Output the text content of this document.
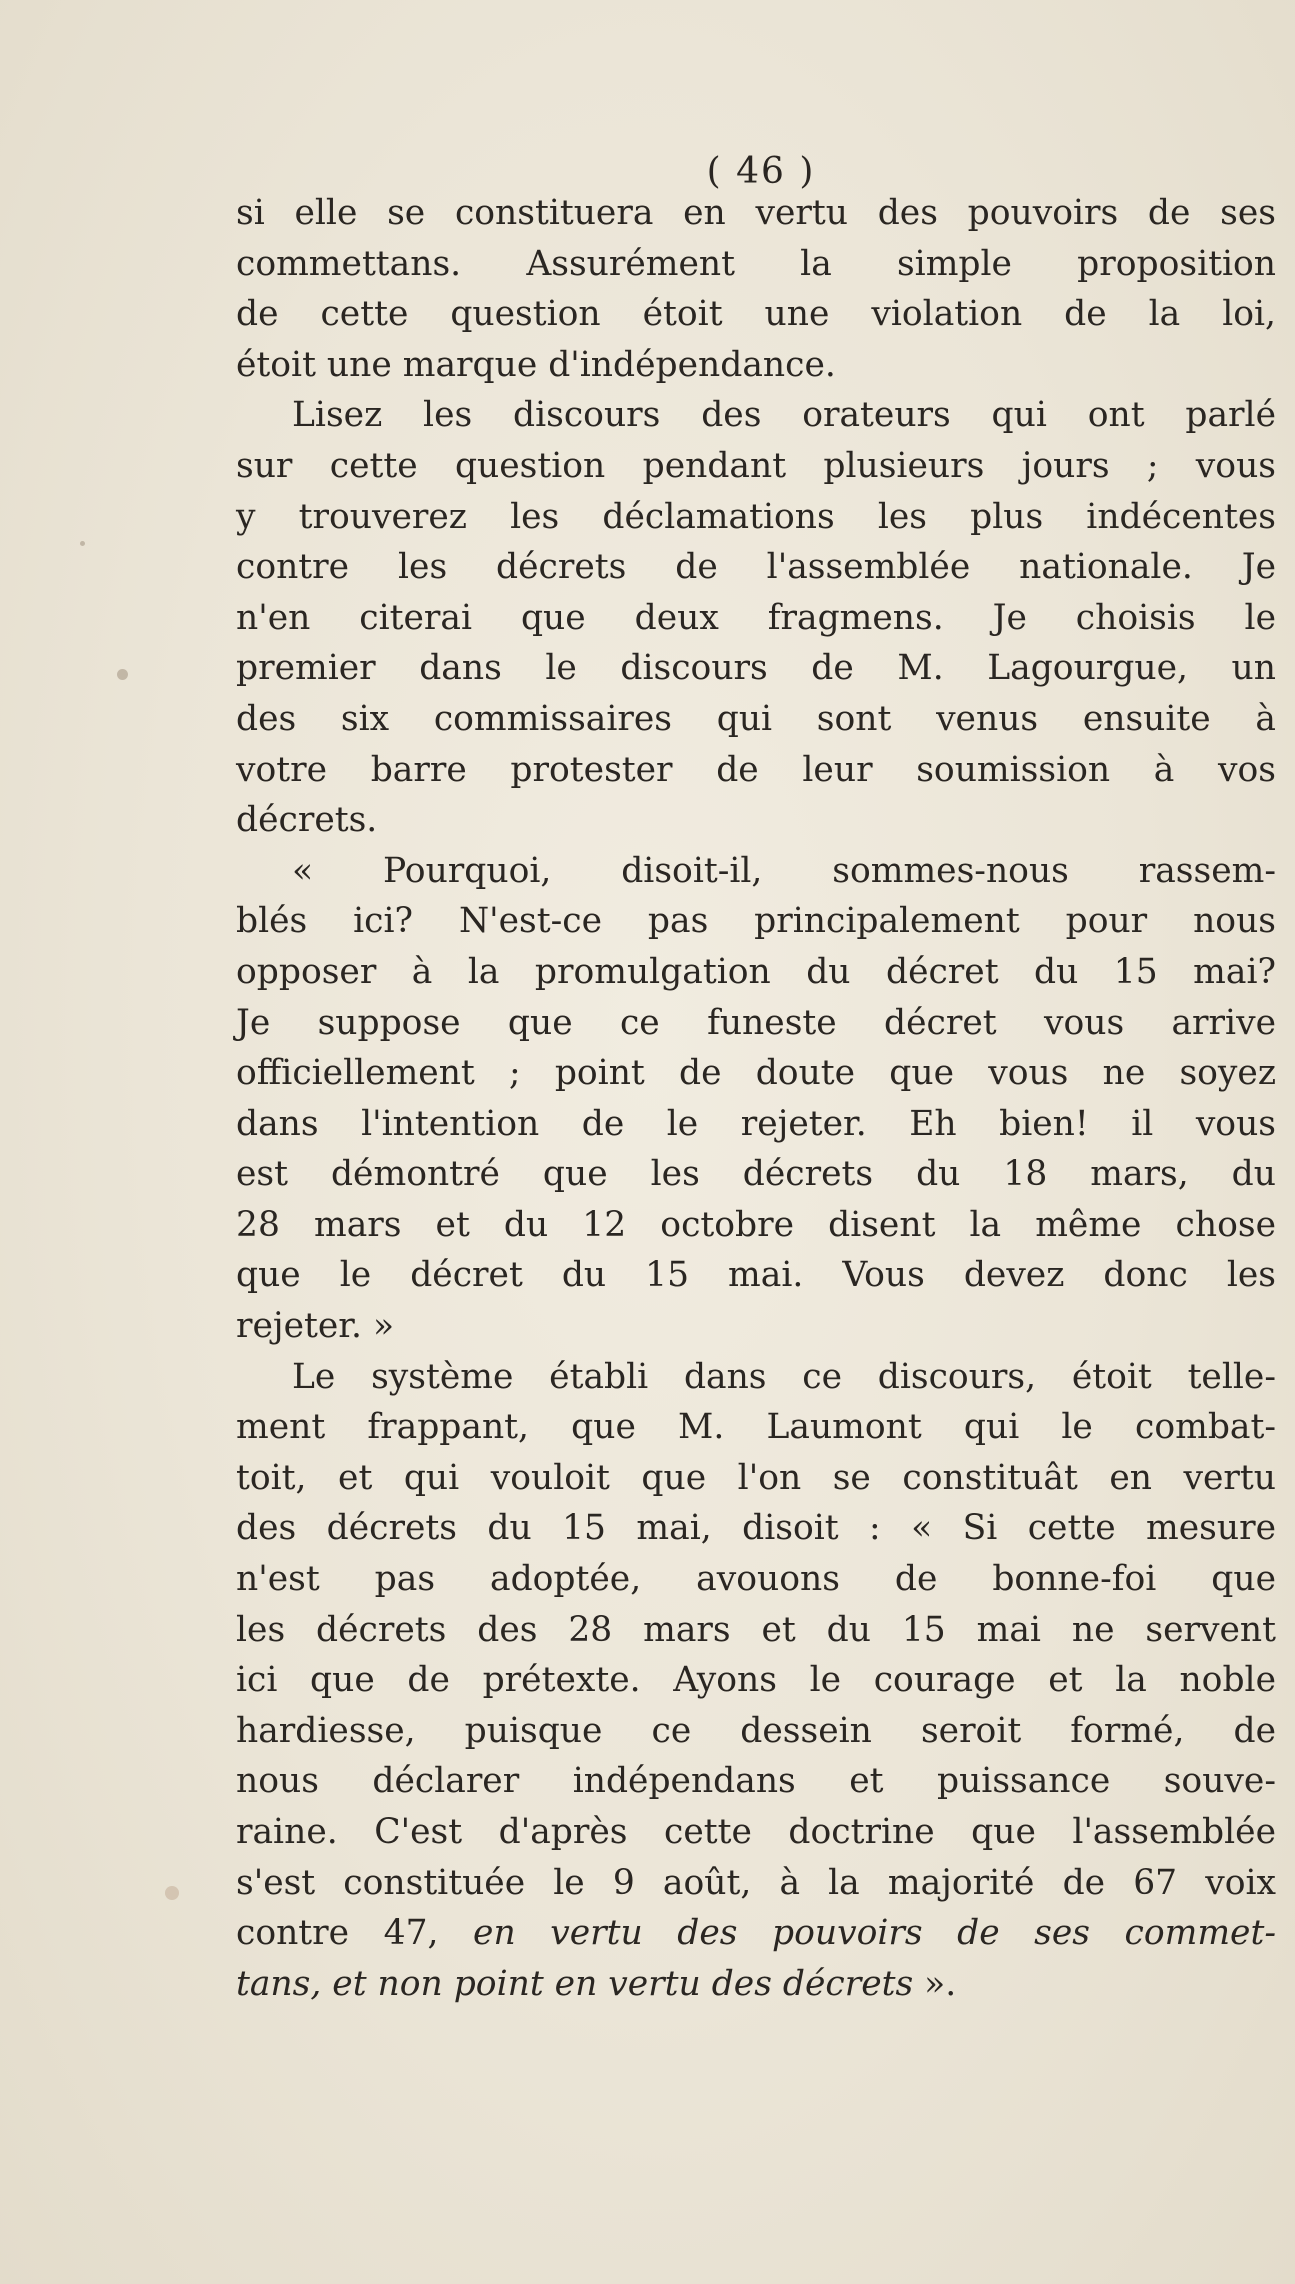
( 46 )
si elle se constituera en vertu des pouvoirs de ses
commettans. Assurément la simple proposition
de cette question étoit une violation de la loi,
étoit une marque d'indépendance.
Lisez les discours des orateurs qui ont parlé
sur cette question pendant plusieurs jours ; vous
y trouverez les déclamations les plus indécentes
contre les décrets de l'assemblée nationale. Je
n'en citerai que deux fragmens. Je choisis le
premier dans le discours de M. Lagourgue, un
des six commissaires qui sont venus ensuite à
votre barre protester de leur soumission à vos
décrets.
« Pourquoi, disoit-il, sommes-nous rassem-
blés ici? N'est-ce pas principalement pour nous
opposer à la promulgation du décret du 15 mai?
Je suppose que ce funeste décret vous arrive
officiellement ; point de doute que vous ne soyez
dans l'intention de le rejeter. Eh bien! il vous
est démontré que les décrets du 18 mars, du
28 mars et du 12 octobre disent la même chose
que le décret du 15 mai. Vous devez donc les
rejeter. »
Le système établi dans ce discours, étoit telle-
ment frappant, que M. Laumont qui le combat-
toit, et qui vouloit que l'on se constituât en vertu
des décrets du 15 mai, disoit : « Si cette mesure
n'est pas adoptée, avouons de bonne-foi que
les décrets des 28 mars et du 15 mai ne servent
ici que de prétexte. Ayons le courage et la noble
hardiesse, puisque ce dessein seroit formé, de
nous déclarer indépendans et puissance souve-
raine. C'est d'après cette doctrine que l'assemblée
s'est constituée le 9 août, à la majorité de 67 voix
contre 47, en vertu des pouvoirs de ses commet-
tans, et non point en vertu des décrets ».
